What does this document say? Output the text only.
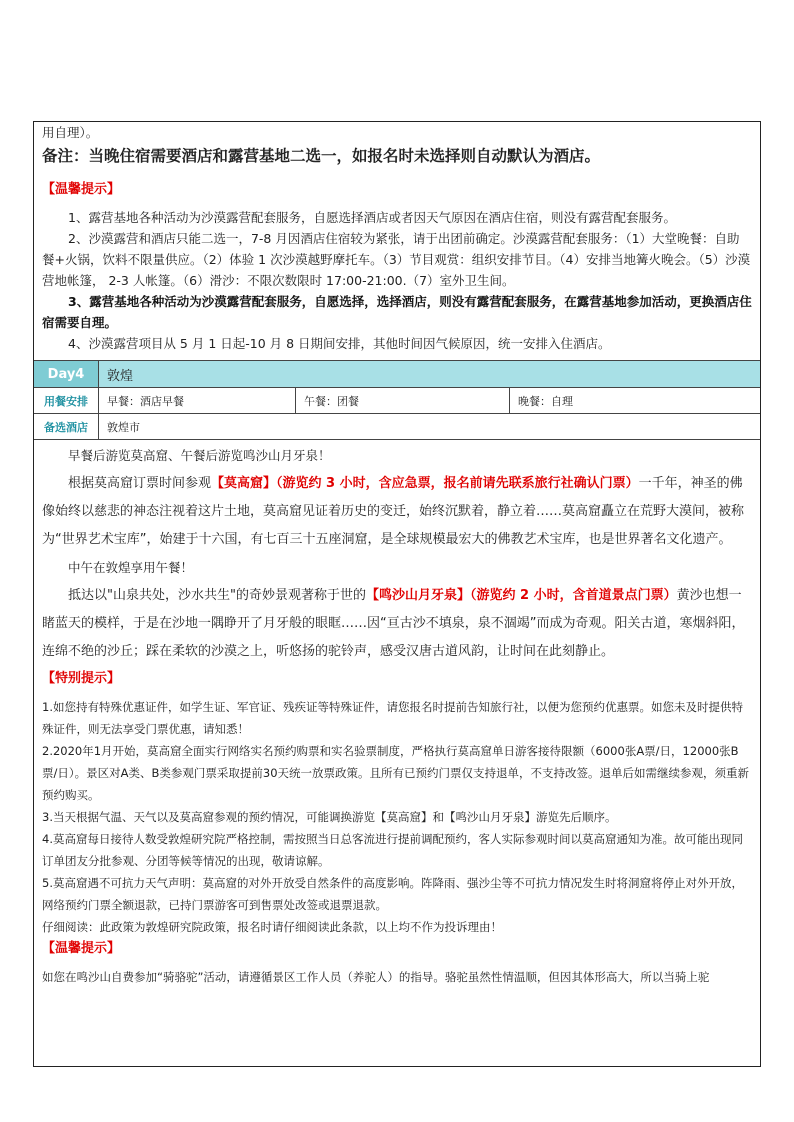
用自理）。

备注：当晚住宿需要酒店和露营基地二选一，如报名时未选择则自动默认为酒店。

【温馨提示】

1、露营基地各种活动为沙漠露营配套服务，自愿选择酒店或者因天气原因在酒店住宿，则没有露营配套服务。

2、沙漠露营和酒店只能二选一，7-8 月因酒店住宿较为紧张，请于出团前确定。沙漠露营配套服务：（1）大堂晚餐：自助餐+火锅，饮料不限量供应。（2）体验 1 次沙漠越野摩托车。（3）节目观赏：组织安排节目。（4）安排当地篝火晚会。（5）沙漠营地帐篷， 2-3 人帐篷。（6）滑沙：不限次数限时 17:00-21:00.（7）室外卫生间。

3、露营基地各种活动为沙漠露营配套服务，自愿选择，选择酒店，则没有露营配套服务，在露营基地参加活动，更换酒店住宿需要自理。

4、沙漠露营项目从 5 月 1 日起-10 月 8 日期间安排，其他时间因气候原因，统一安排入住酒店。

Day4	敦煌
用餐安排	早餐：酒店早餐	午餐：团餐	晚餐：自理
备选酒店	敦煌市

早餐后游览莫高窟、午餐后游览鸣沙山月牙泉！

根据莫高窟订票时间参观【莫高窟】（游览约 3 小时，含应急票，报名前请先联系旅行社确认门票）一千年，神圣的佛像始终以慈悲的神态注视着这片土地，莫高窟见证着历史的变迁，始终沉默着，静立着……莫高窟矗立在荒野大漠间，被称为“世界艺术宝库”，始建于十六国，有七百三十五座洞窟，是全球规模最宏大的佛教艺术宝库，也是世界著名文化遗产。

中午在敦煌享用午餐！

抵达以"山泉共处，沙水共生"的奇妙景观著称于世的【鸣沙山月牙泉】（游览约 2 小时，含首道景点门票）黄沙也想一睹蓝天的模样，于是在沙地一隅睁开了月牙般的眼眶……因“亘古沙不填泉，泉不涸竭”而成为奇观。阳关古道，寒烟斜阳，连绵不绝的沙丘；踩在柔软的沙漠之上，听悠扬的驼铃声，感受汉唐古道风韵，让时间在此刻静止。

【特别提示】

1.如您持有特殊优惠证件，如学生证、军官证、残疾证等特殊证件，请您报名时提前告知旅行社，以便为您预约优惠票。如您未及时提供特殊证件，则无法享受门票优惠，请知悉！

2.2020年1月开始，莫高窟全面实行网络实名预约购票和实名验票制度，严格执行莫高窟单日游客接待限额（6000张A票/日，12000张B票/日）。景区对A类、B类参观门票采取提前30天统一放票政策。且所有已预约门票仅支持退单，不支持改签。退单后如需继续参观，须重新预约购买。

3.当天根据气温、天气以及莫高窟参观的预约情况，可能调换游览【莫高窟】和【鸣沙山月牙泉】游览先后顺序。

4.莫高窟每日接待人数受敦煌研究院严格控制，需按照当日总客流进行提前调配预约，客人实际参观时间以莫高窟通知为准。故可能出现同订单团友分批参观、分团等候等情况的出现，敬请谅解。

5.莫高窟遇不可抗力天气声明：莫高窟的对外开放受自然条件的高度影响。阵降雨、强沙尘等不可抗力情况发生时将洞窟将停止对外开放，网络预约门票全额退款，已持门票游客可到售票处改签或退票退款。

仔细阅读：此政策为敦煌研究院政策，报名时请仔细阅读此条款，以上均不作为投诉理由！

【温馨提示】

如您在鸣沙山自费参加“骑骆驼”活动，请遵循景区工作人员（养驼人）的指导。骆驼虽然性情温顺，但因其体形高大，所以当骑上驼
